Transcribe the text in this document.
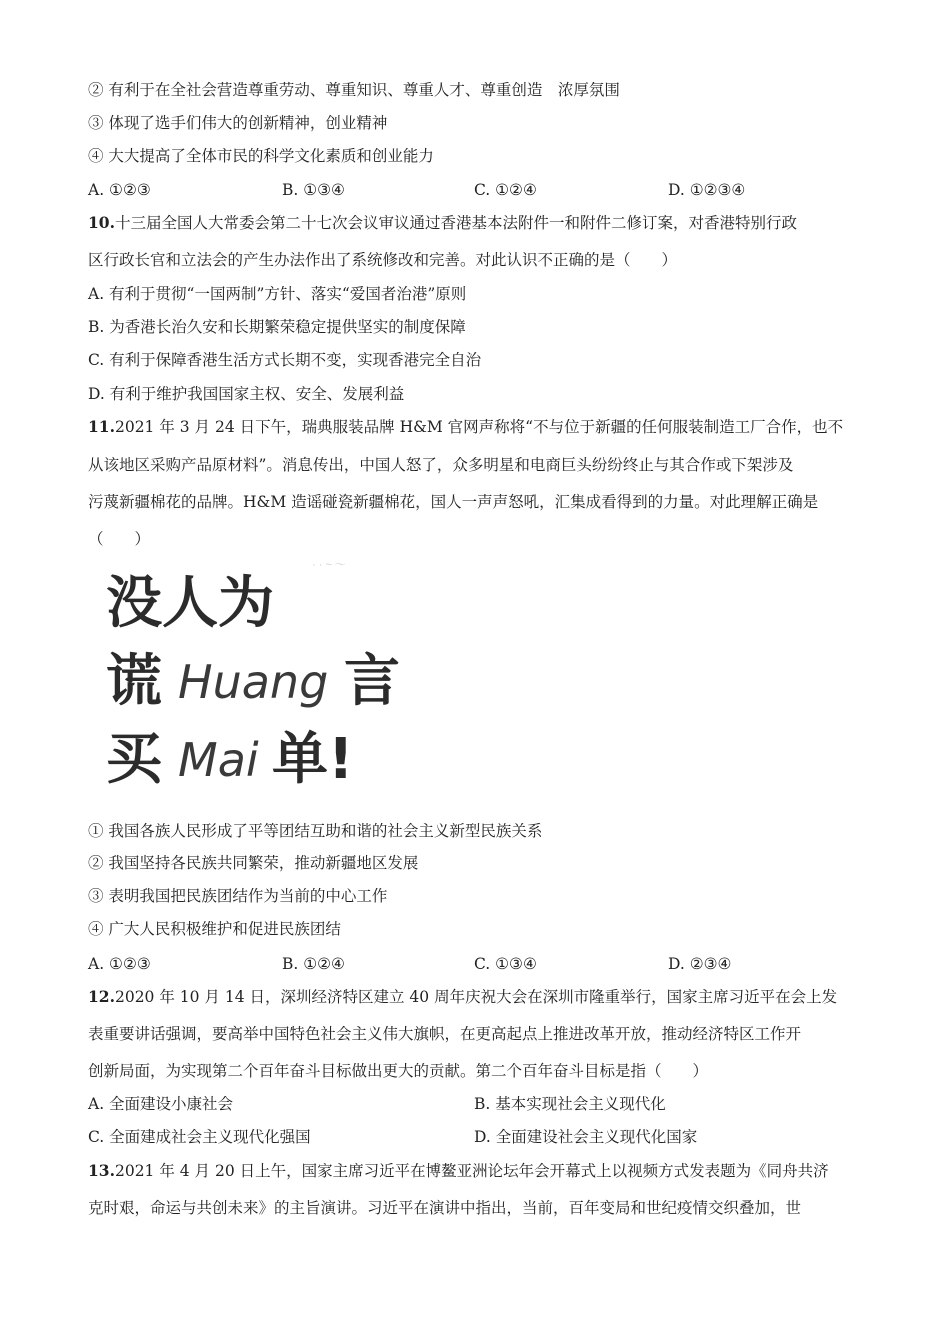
② 有利于在全社会营造尊重劳动、尊重知识、尊重人才、尊重创造　浓厚氛围
③ 体现了选手们伟大的创新精神，创业精神
④ 大大提高了全体市民的科学文化素质和创业能力
A. ①②③	B. ①③④	C. ①②④	D. ①②③④
10.十三届全国人大常委会第二十七次会议审议通过香港基本法附件一和附件二修订案，对香港特别行政
区行政长官和立法会的产生办法作出了系统修改和完善。对此认识不正确的是（　　）
A. 有利于贯彻“一国两制”方针、落实“爱国者治港”原则
B. 为香港长治久安和长期繁荣稳定提供坚实的制度保障
C. 有利于保障香港生活方式长期不变，实现香港完全自治
D. 有利于维护我国国家主权、安全、发展利益
11.2021 年 3 月 24 日下午，瑞典服装品牌 H&M 官网声称将“不与位于新疆的任何服装制造工厂合作，也不
从该地区采购产品原材料”。消息传出，中国人怒了，众多明星和电商巨头纷纷终止与其合作或下架涉及
污蔑新疆棉花的品牌。H&M 造谣碰瓷新疆棉花，国人一声声怒吼，汇集成看得到的力量。对此理解正确是
（　　）
· · ~ ～
没人为
谎 Huang 言
买 Mai 单!
① 我国各族人民形成了平等团结互助和谐的社会主义新型民族关系
② 我国坚持各民族共同繁荣，推动新疆地区发展
③ 表明我国把民族团结作为当前的中心工作
④ 广大人民积极维护和促进民族团结
A. ①②③	B. ①②④	C. ①③④	D. ②③④
12.2020 年 10 月 14 日，深圳经济特区建立 40 周年庆祝大会在深圳市隆重举行，国家主席习近平在会上发
表重要讲话强调，要高举中国特色社会主义伟大旗帜，在更高起点上推进改革开放，推动经济特区工作开
创新局面，为实现第二个百年奋斗目标做出更大的贡献。第二个百年奋斗目标是指（　　）
A. 全面建设小康社会	B. 基本实现社会主义现代化
C. 全面建成社会主义现代化强国	D. 全面建设社会主义现代化国家
13.2021 年 4 月 20 日上午，国家主席习近平在博鳌亚洲论坛年会开幕式上以视频方式发表题为《同舟共济
克时艰，命运与共创未来》的主旨演讲。习近平在演讲中指出，当前，百年变局和世纪疫情交织叠加，世
